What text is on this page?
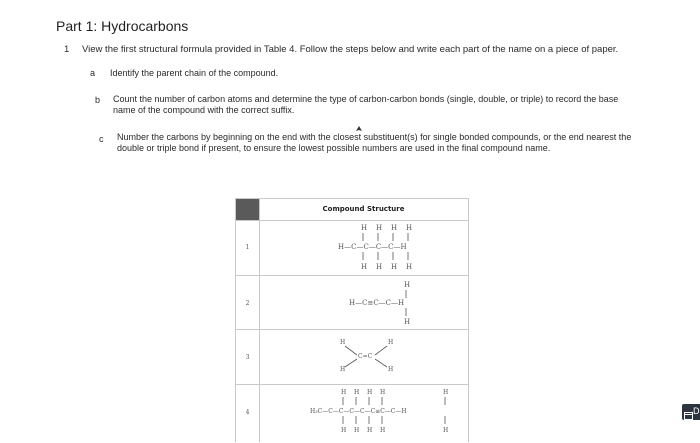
Part 1: Hydrocarbons
1 View the first structural formula provided in Table 4. Follow the steps below and write each part of the name on a piece of paper.
a Identify the parent chain of the compound.
b Count the number of carbon atoms and determine the type of carbon-carbon bonds (single, double, or triple) to record the base name of the compound with the correct suffix.
c Number the carbons by beginning on the end with the closest substituent(s) for single bonded compounds, or the end nearest the double or triple bond if present, to ensure the lowest possible numbers are used in the final compound name.
Compound Structure
1
H H H H
H—C—C—C—C—H
H H H H
2
H
H—C≡C—C—H
H
3
H	H
H	H
C=C
4
H H H H	H
H₃C—C—C—C—C—C≡C—C—H
H H H H	H
D
